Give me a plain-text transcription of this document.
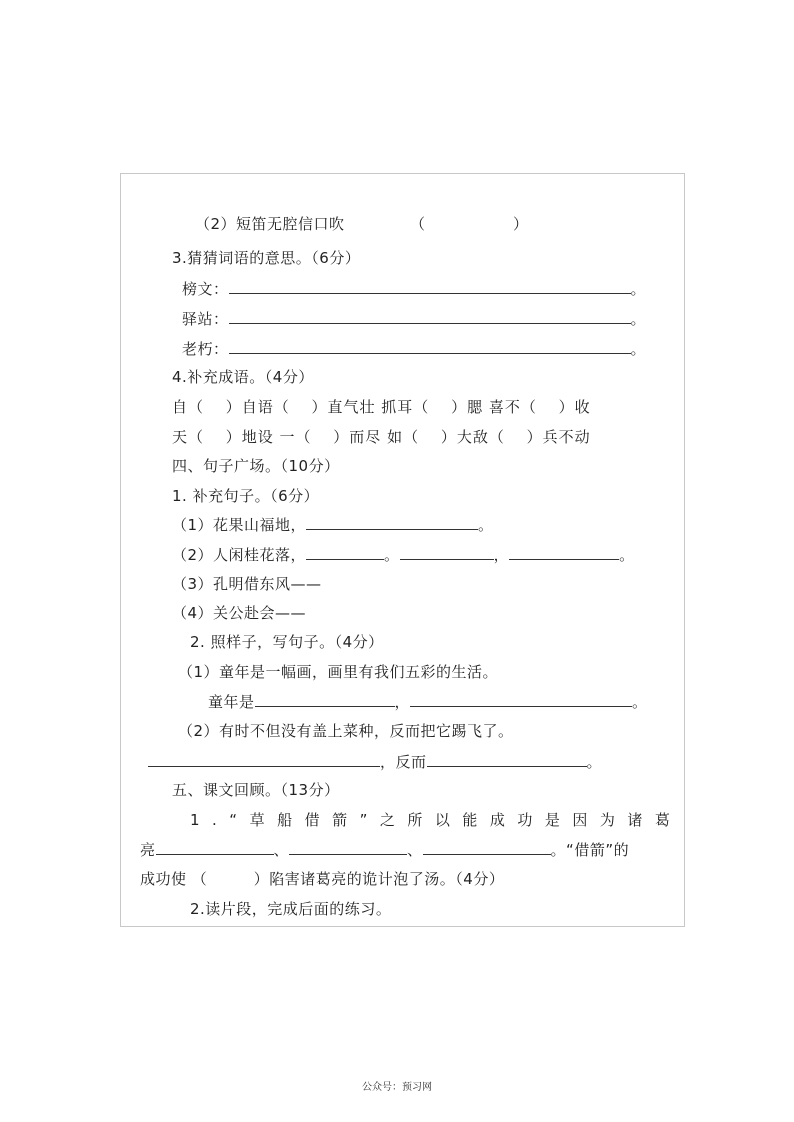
（2）短笛无腔信口吹	（	）
3.猜猜词语的意思。（6分）
榜文：	。
驿站：	。
老朽：	。
4.补充成语。（4分）
自（　 ）自语（　 ）直气壮 抓耳（　 ）腮 喜不（　 ）收
天（　 ）地设 一（　 ）而尽 如（　 ）大敌（　 ）兵不动
四、句子广场。（10分）
1. 补充句子。（6分）
（1）花果山福地，	。
（2）人闲桂花落，	。	，	。
（3）孔明借东风——
（4）关公赴会——
2. 照样子，写句子。（4分）
（1）童年是一幅画，画里有我们五彩的生活。
童年是	，	。
（2）有时不但没有盖上菜种，反而把它踢飞了。
，反而	。
五、课文回顾。（13分）
1.“草船借箭”之所以能成功是因为诸葛
亮	、	、	。“借箭”的
成功使 （　　　）陷害诸葛亮的诡计泡了汤。（4分）
2.读片段，完成后面的练习。
公众号：预习网
